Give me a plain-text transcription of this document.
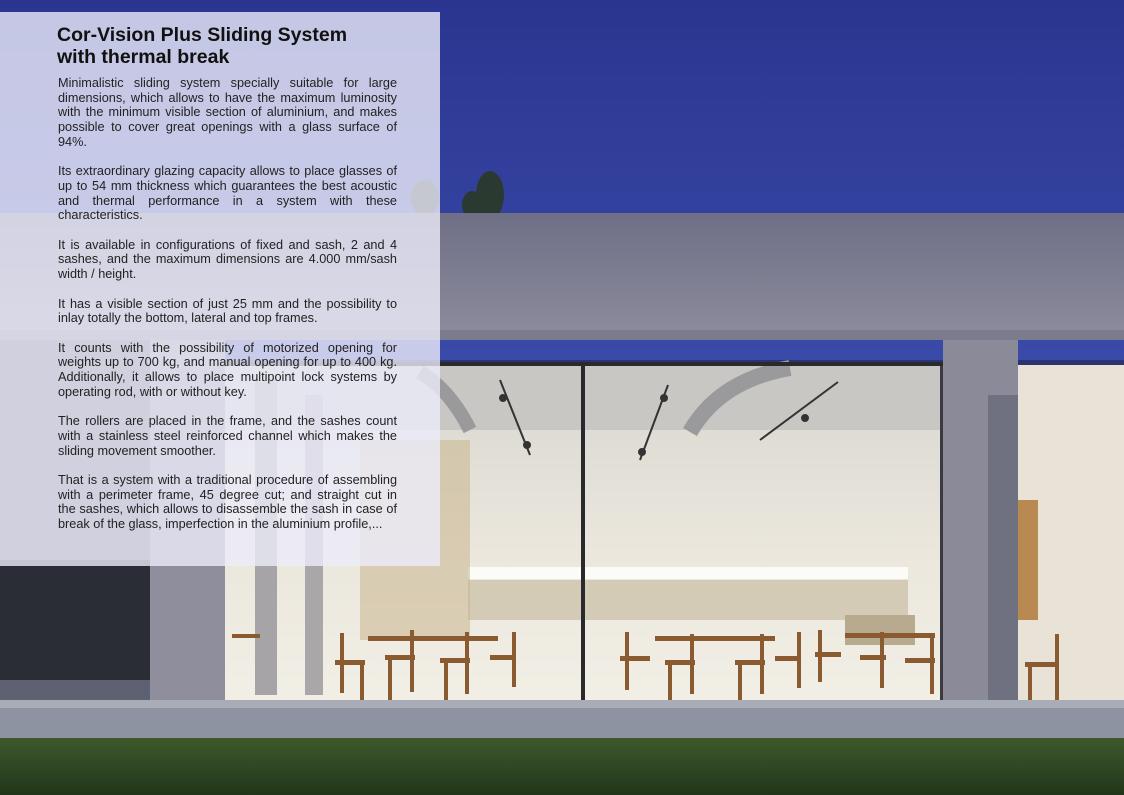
Cor-Vision Plus Sliding System
with thermal break

Minimalistic sliding system specially suitable for large dimensions, which allows to have the maximum luminosity with the minimum visible section of aluminium, and makes possible to cover great openings with a glass surface of 94%.

Its extraordinary glazing capacity allows to place glasses of up to 54 mm thickness which guarantees the best acoustic and thermal performance in a system with these characteristics.

It is available in configurations of fixed and sash, 2 and 4 sashes, and the maximum dimensions are 4.000 mm/sash width / height.

It has a visible section of just 25 mm and the possibility to inlay totally the bottom, lateral and top frames.

It counts with the possibility of motorized opening for weights up to 700 kg, and manual opening for up to 400 kg. Additionally, it allows to place multipoint lock systems by operating rod, with or without key.

The rollers are placed in the frame, and the sashes count with a stainless steel reinforced channel which makes the sliding movement smoother.

That is a system with a traditional procedure of assembling with a perimeter frame, 45 degree cut; and straight cut in the sashes, which allows to disassemble the sash in case of break of the glass, imperfection in the aluminium profile,...
